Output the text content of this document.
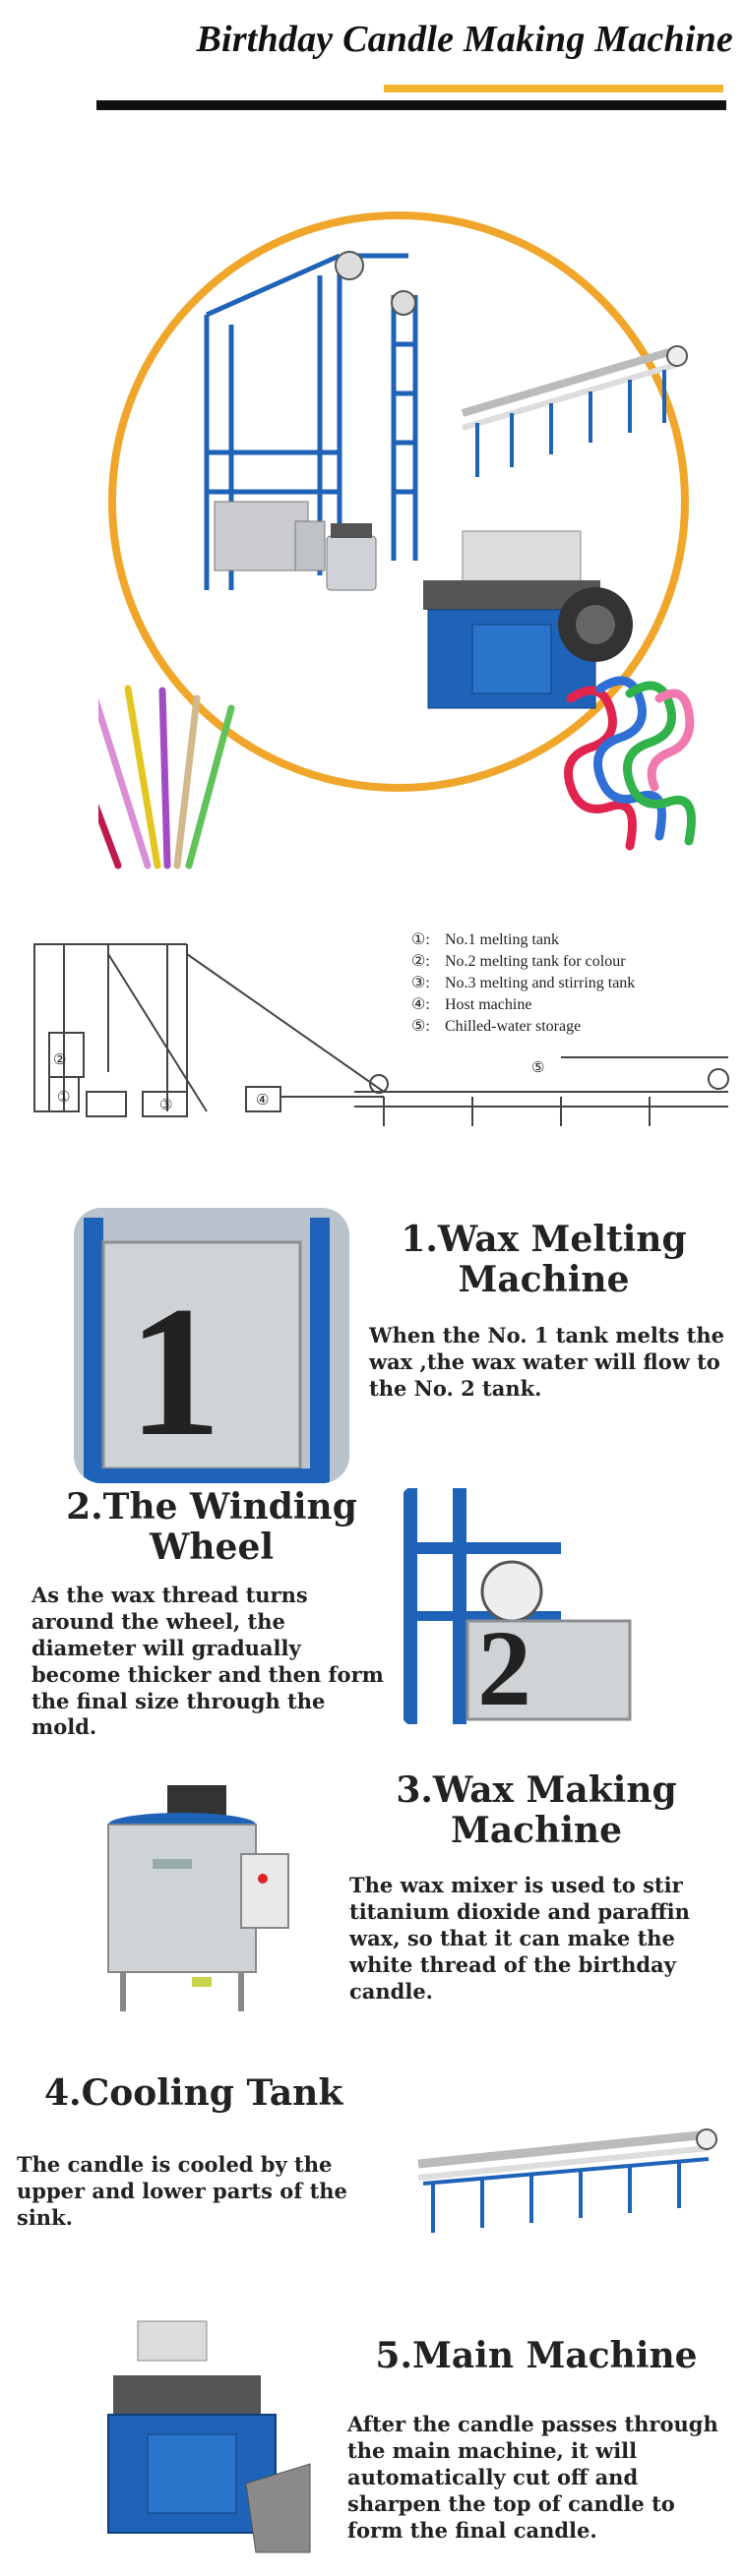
Birthday Candle Making Machine
②
①	③	④
⑤
①: No.1 melting tank
②: No.2 melting tank for colour
③: No.3 melting and stirring tank
④: Host machine
⑤: Chilled-water storage
1
1.Wax Melting Machine
When the No. 1 tank melts the wax ,the wax water will flow to the No. 2 tank.
2.The Winding Wheel
As the wax thread turns around the wheel, the diameter will gradually become thicker and then form the final size through the mold.	2
3.Wax Making Machine
The wax mixer is used to stir titanium dioxide and paraffin wax, so that it can make the white thread of the birthday candle.
4.Cooling Tank
The candle is cooled by the upper and lower parts of the sink.
5.Main Machine
After the candle passes through the main machine, it will automatically cut off and sharpen the top of candle to form the final candle.
